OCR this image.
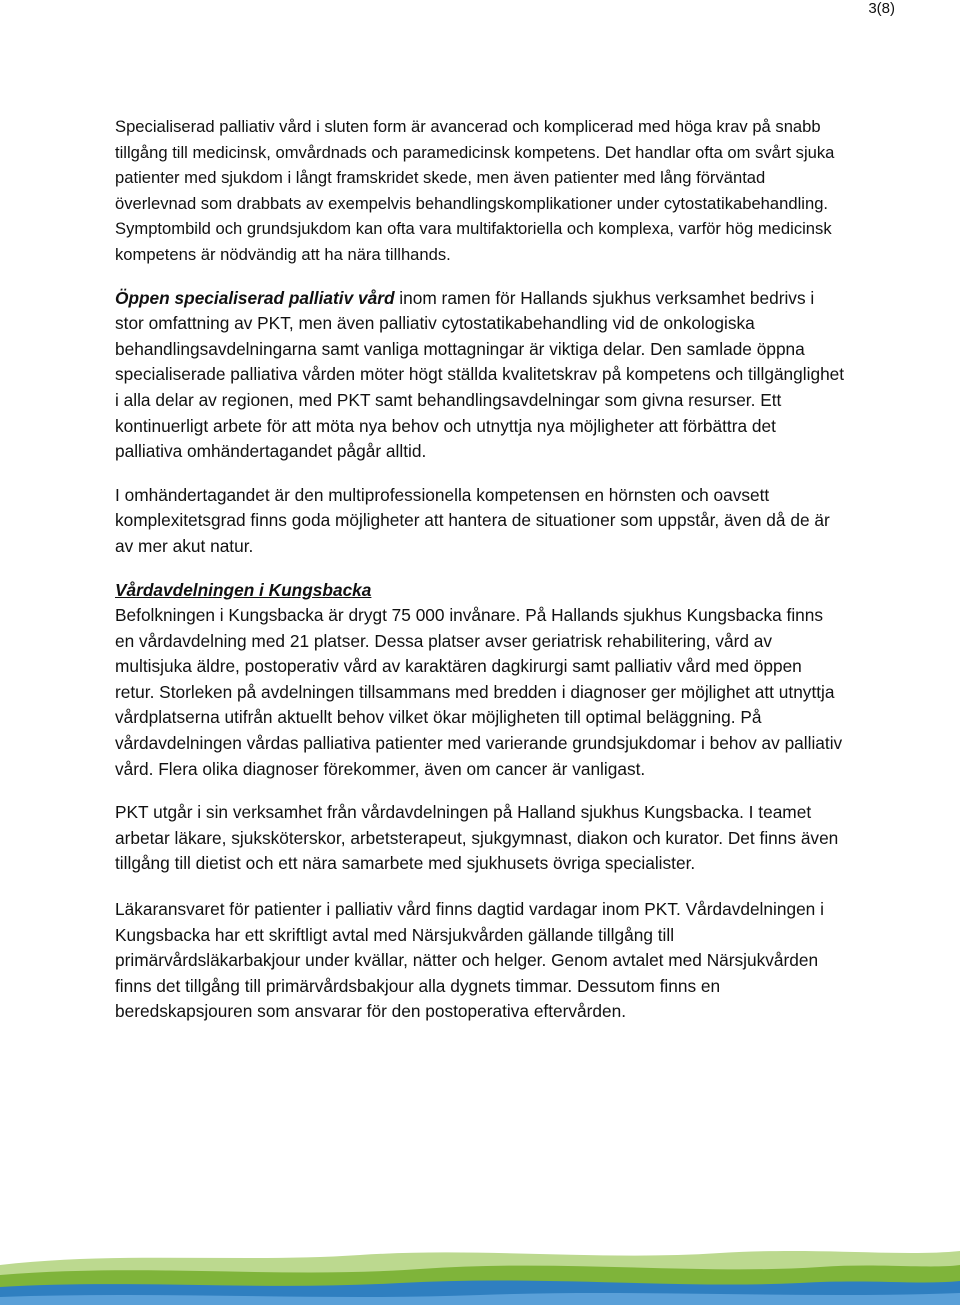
3(8)

Specialiserad palliativ vård i sluten form är avancerad och komplicerad med höga krav på snabb tillgång till medicinsk, omvårdnads och paramedicinsk kompetens. Det handlar ofta om svårt sjuka patienter med sjukdom i långt framskridet skede, men även patienter med lång förväntad överlevnad som drabbats av exempelvis behandlingskomplikationer under cytostatikabehandling. Symptombild och grundsjukdom kan ofta vara multifaktoriella och komplexa, varför hög medicinsk kompetens är nödvändig att ha nära tillhands.

Öppen specialiserad palliativ vård inom ramen för Hallands sjukhus verksamhet bedrivs i stor omfattning av PKT, men även palliativ cytostatikabehandling vid de onkologiska behandlingsavdelningarna samt vanliga mottagningar är viktiga delar. Den samlade öppna specialiserade palliativa vården möter högt ställda kvalitetskrav på kompetens och tillgänglighet i alla delar av regionen, med PKT samt behandlingsavdelningar som givna resurser. Ett kontinuerligt arbete för att möta nya behov och utnyttja nya möjligheter att förbättra det palliativa omhändertagandet pågår alltid.

I omhändertagandet är den multiprofessionella kompetensen en hörnsten och oavsett komplexitetsgrad finns goda möjligheter att hantera de situationer som uppstår, även då de är av mer akut natur.

Vårdavdelningen i Kungsbacka

Befolkningen i Kungsbacka är drygt 75 000 invånare. På Hallands sjukhus Kungsbacka finns en vårdavdelning med 21 platser. Dessa platser avser geriatrisk rehabilitering, vård av multisjuka äldre, postoperativ vård av karaktären dagkirurgi samt palliativ vård med öppen retur. Storleken på avdelningen tillsammans med bredden i diagnoser ger möjlighet att utnyttja vårdplatserna utifrån aktuellt behov vilket ökar möjligheten till optimal beläggning. På vårdavdelningen vårdas palliativa patienter med varierande grundsjukdomar i behov av palliativ vård. Flera olika diagnoser förekommer, även om cancer är vanligast.

PKT utgår i sin verksamhet från vårdavdelningen på Halland sjukhus Kungsbacka. I teamet arbetar läkare, sjuksköterskor, arbetsterapeut, sjukgymnast, diakon och kurator. Det finns även tillgång till dietist och ett nära samarbete med sjukhusets övriga specialister.

Läkaransvaret för patienter i palliativ vård finns dagtid vardagar inom PKT. Vårdavdelningen i Kungsbacka har ett skriftligt avtal med Närsjukvården gällande tillgång till primärvårdsläkarbakjour under kvällar, nätter och helger. Genom avtalet med Närsjukvården finns det tillgång till primärvårdsbakjour alla dygnets timmar. Dessutom finns en beredskapsjouren som ansvarar för den postoperativa eftervården.
